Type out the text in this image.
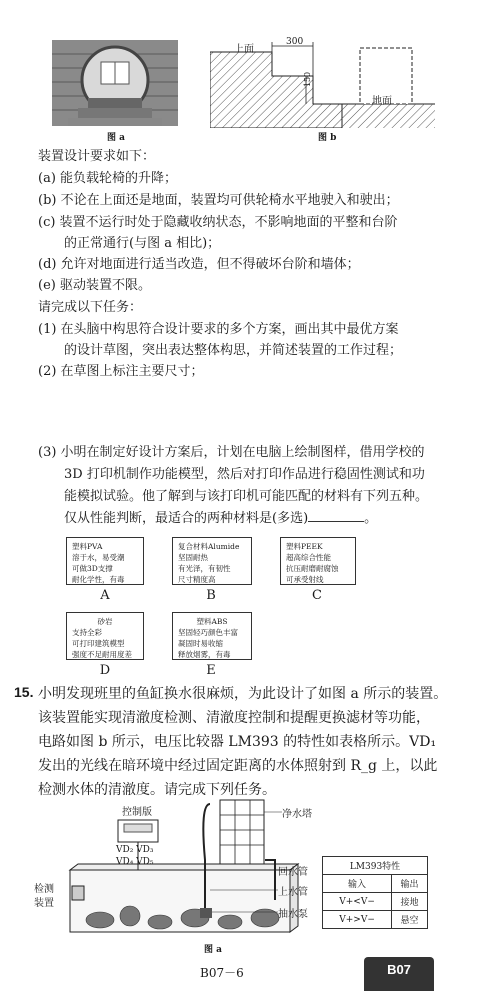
图 a
上面
300
150
地面
图 b
装置设计要求如下：
(a) 能负载轮椅的升降；
(b) 不论在上面还是地面，装置均可供轮椅水平地驶入和驶出；
(c) 装置不运行时处于隐藏收纳状态，不影响地面的平整和台阶
的正常通行(与图 a 相比)；
(d) 允许对地面进行适当改造，但不得破坏台阶和墙体；
(e) 驱动装置不限。
请完成以下任务：
(1) 在头脑中构思符合设计要求的多个方案，画出其中最优方案
的设计草图，突出表达整体构思，并简述装置的工作过程；
(2) 在草图上标注主要尺寸；
(3) 小明在制定好设计方案后，计划在电脑上绘制图样，借用学校的
3D 打印机制作功能模型，然后对打印作品进行稳固性测试和功
能模拟试验。他了解到与该打印机可能匹配的材料有下列五种。
仅从性能判断，最适合的两种材料是(多选)	。
塑料PVA
溶于水，易受潮
可做3D支撑
耐化学性，有毒
A
复合材料Alumide
坚固耐热
有光泽，有韧性
尺寸精度高
B
塑料PEEK
超高综合性能
抗压耐磨耐腐蚀
可承受射线
C
砂岩
支持全彩
可打印建筑模型
强度不足耐用度差
D
塑料ABS
坚固轻巧颜色丰富
凝固时易收缩
释放烟雾，有毒
E
15. 小明发现班里的鱼缸换水很麻烦，为此设计了如图 a 所示的装置。
该装置能实现清澈度检测、清澈度控制和提醒更换滤材等功能，
电路如图 b 所示，电压比较器 LM393 的特性如表格所示。VD₁
发出的光线在暗环境中经过固定距离的水体照射到 R_g 上，以此
检测水体的清澈度。请完成下列任务。
控制版
VD₂ VD₃
VD₄ VD₅
检测
装置
净水塔
回水管
上水管
抽水泵
图 a
LM393特性	
输入	输出
V+<V−	接地
V+>V−	悬空
B07－6	B07
